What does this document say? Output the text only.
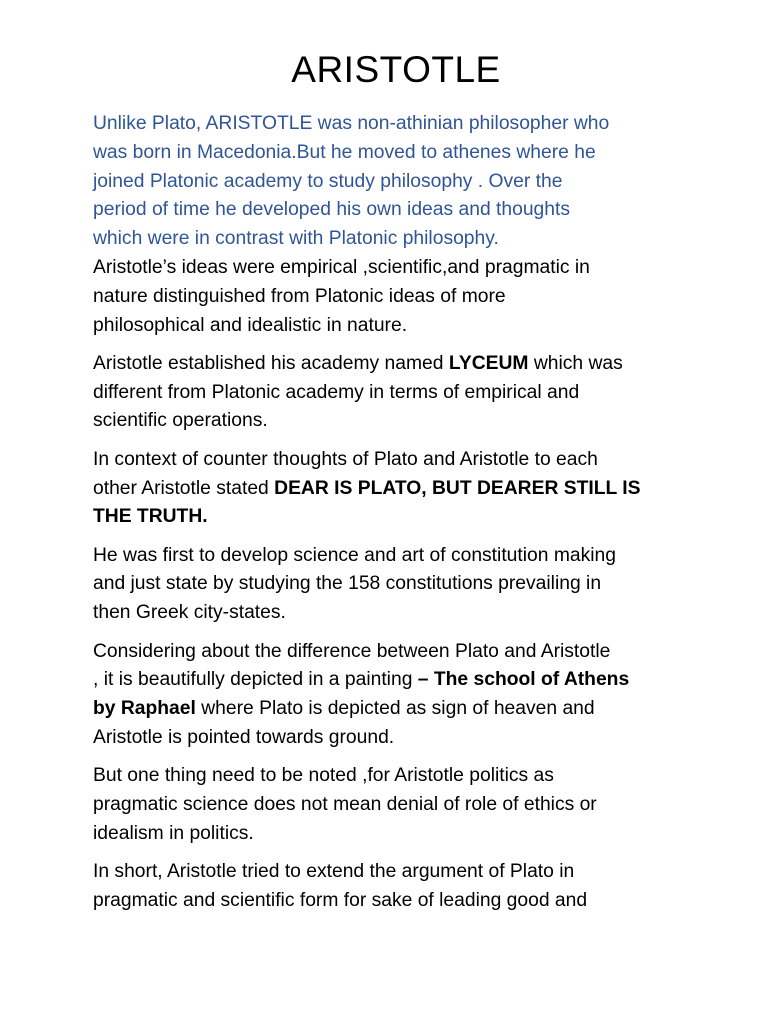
ARISTOTLE

Unlike Plato, ARISTOTLE was non-athinian philosopher who
was born in Macedonia.But he moved to athenes where he
joined Platonic academy to study philosophy . Over the
period of time he developed his own ideas and thoughts
which were in contrast with Platonic philosophy.

Aristotle’s ideas were empirical ,scientific,and pragmatic in
nature distinguished from Platonic ideas of more
philosophical and idealistic in nature.

Aristotle established his academy named LYCEUM which was
different from Platonic academy in terms of empirical and
scientific operations.

In context of counter thoughts of Plato and Aristotle to each
other Aristotle stated DEAR IS PLATO, BUT DEARER STILL IS
THE TRUTH.

He was first to develop science and art of constitution making
and just state by studying the 158 constitutions prevailing in
then Greek city-states.

Considering about the difference between Plato and Aristotle
, it is beautifully depicted in a painting – The school of Athens
by Raphael where Plato is depicted as sign of heaven and
Aristotle is pointed towards ground.

But one thing need to be noted ,for Aristotle politics as
pragmatic science does not mean denial of role of ethics or
idealism in politics.

In short, Aristotle tried to extend the argument of Plato in
pragmatic and scientific form for sake of leading good and
